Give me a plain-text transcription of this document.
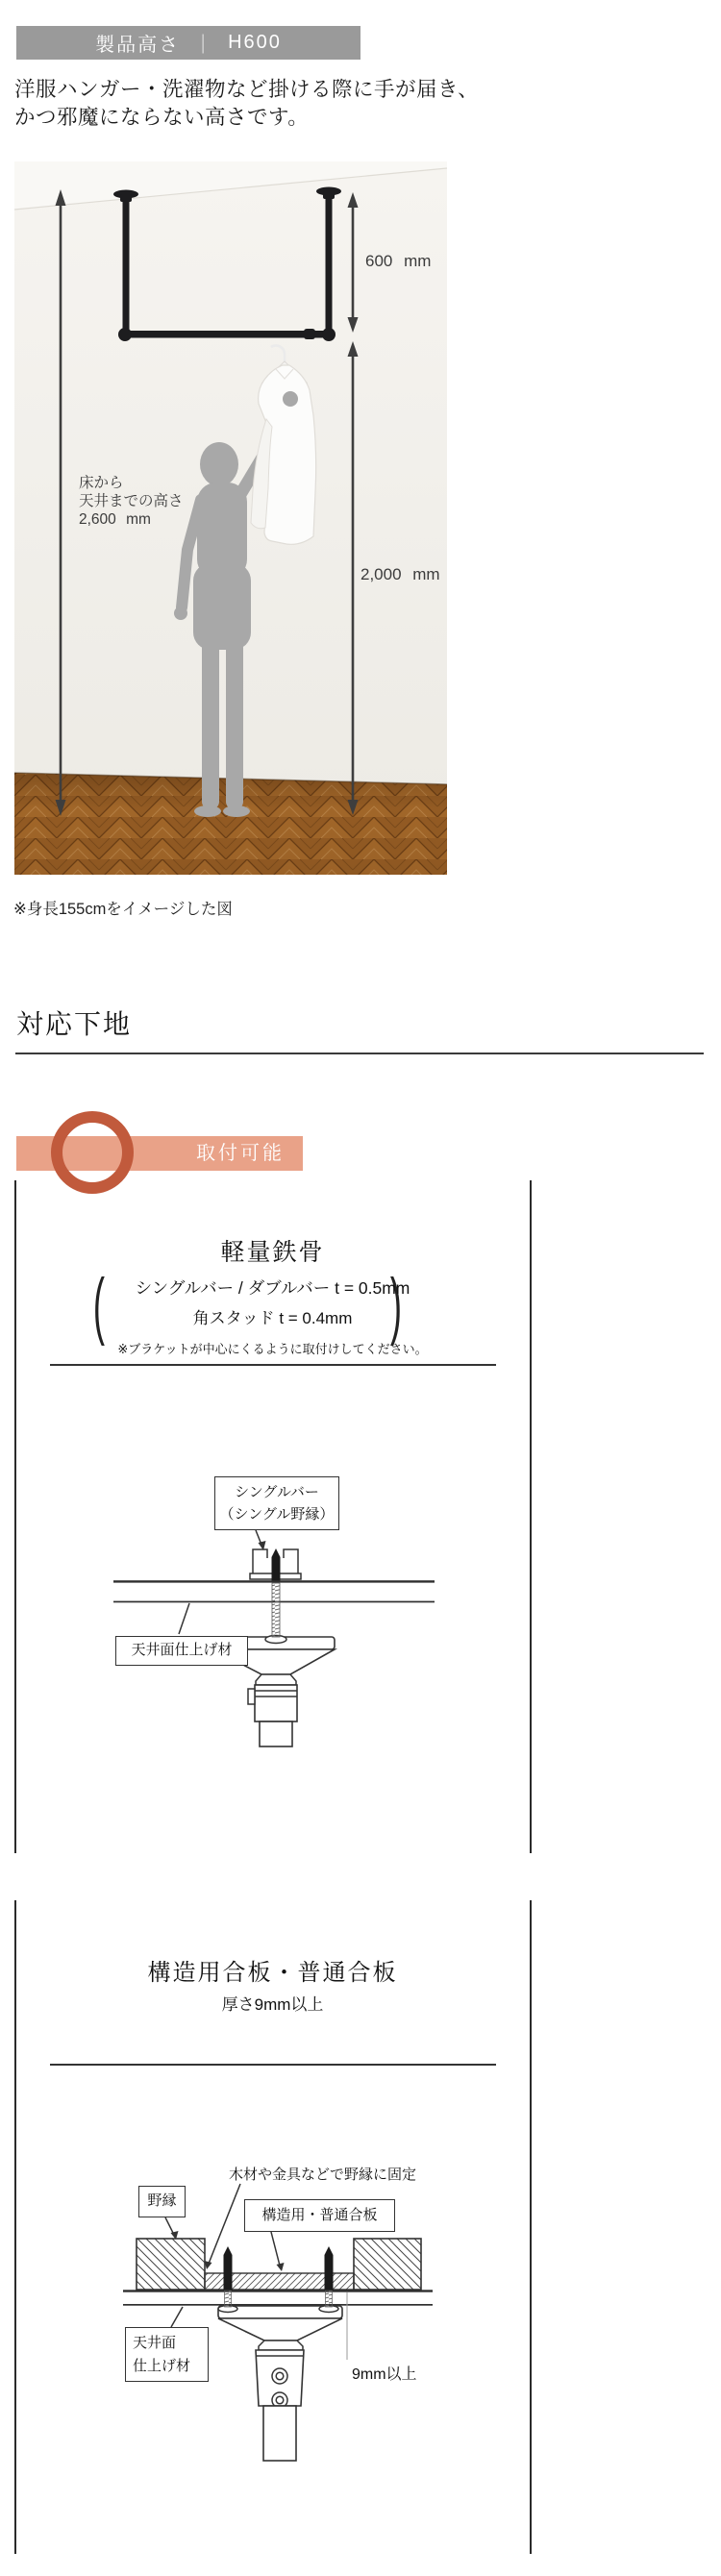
製品高さ ｜ H600
洋服ハンガー・洗濯物など掛ける際に手が届き、
かつ邪魔にならない高さです。
600 mm
2,000 mm
床から
天井までの高さ
2,600 mm
※身長155cmをイメージした図
対応下地
取付可能
軽量鉄骨
(	)
シングルバー / ダブルバー t = 0.5mm
角スタッド t = 0.4mm
※ブラケットが中心にくるように取付けしてください。
シングルバー
（シングル野縁）
天井面仕上げ材
構造用合板・普通合板
厚さ9mm以上
木材や金具などで野縁に固定
野縁
構造用・普通合板
天井面
仕上げ材
9mm以上
